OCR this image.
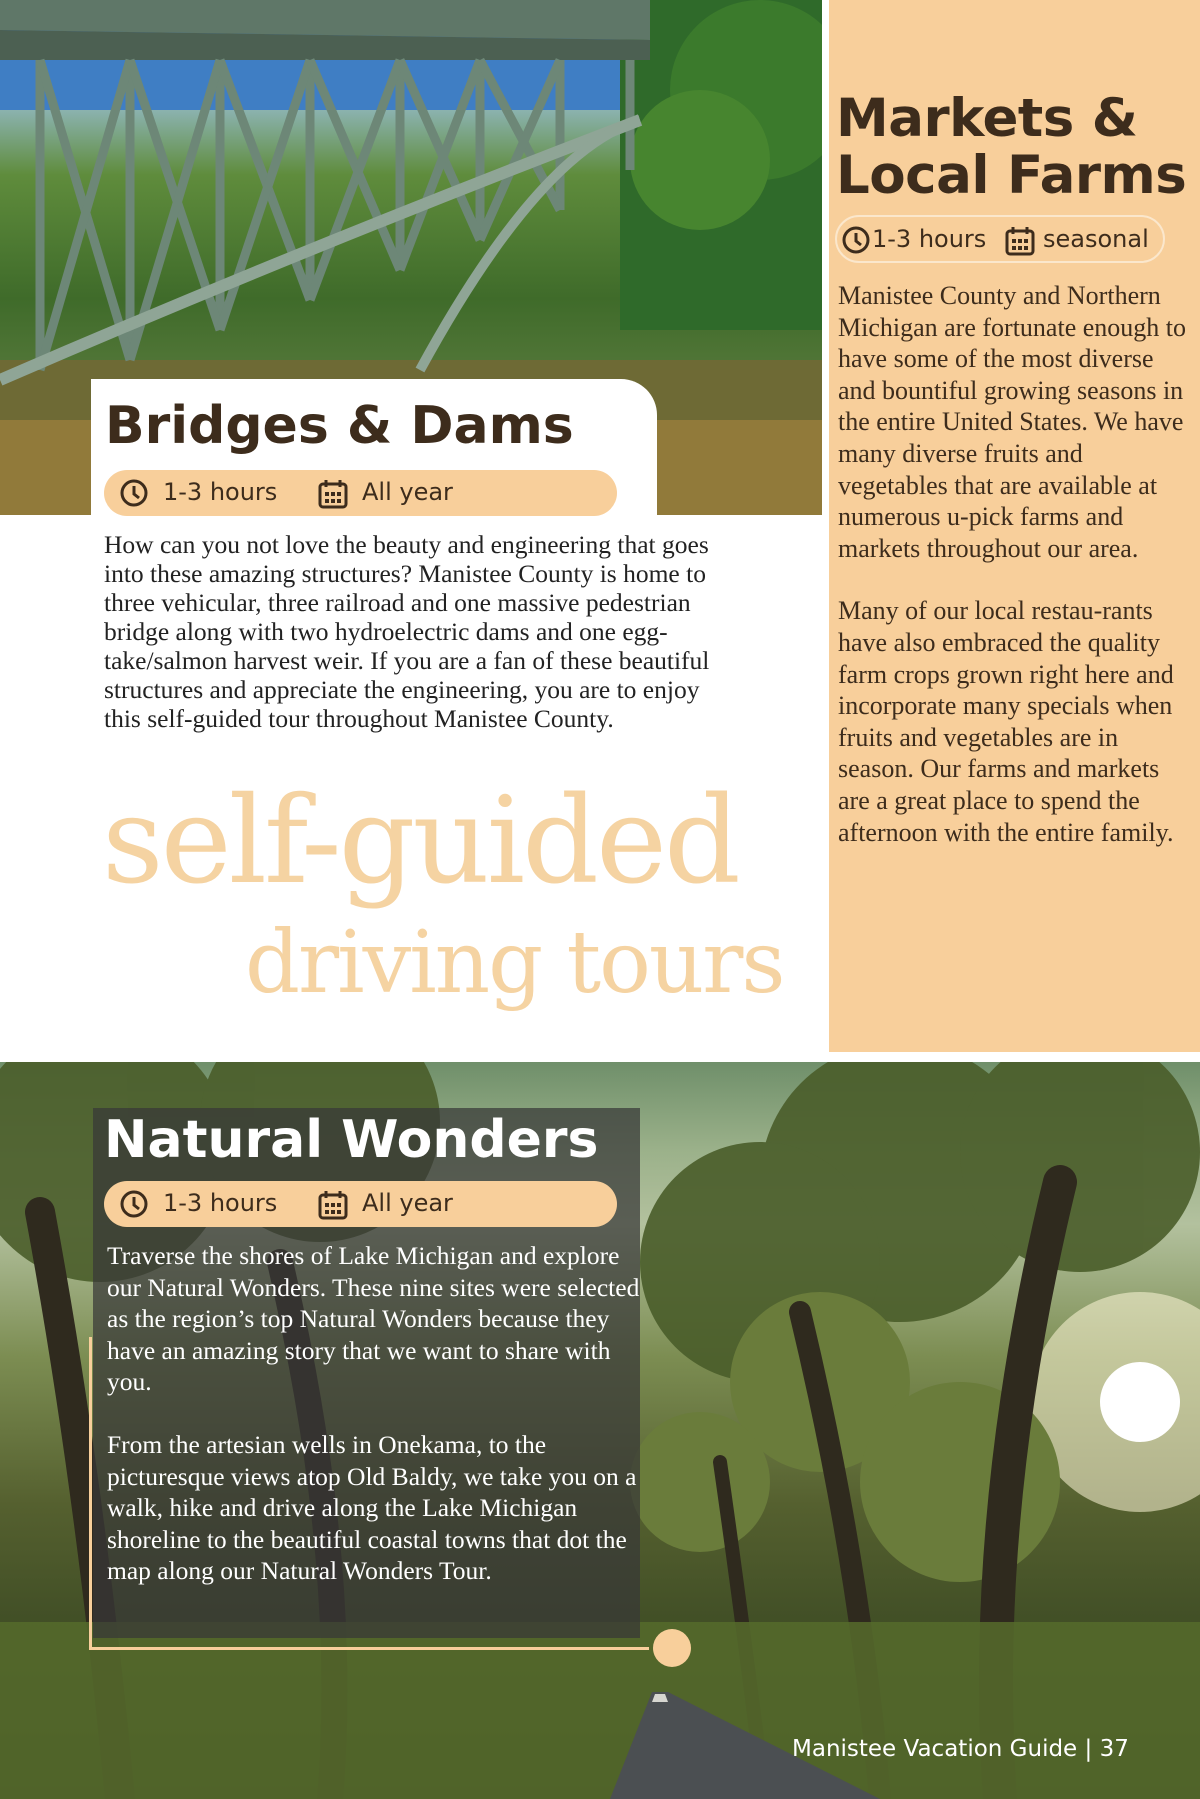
Markets &
Local Farms
1-3 hours seasonal

Manistee County and Northern Michigan are fortunate enough to have some of the most diverse and bountiful growing seasons in the entire United States. We have many diverse fruits and vegetables that are available at numerous u-pick farms and markets throughout our area.

Many of our local restau-rants have also embraced the quality farm crops grown right here and incorporate many specials when fruits and vegetables are in season. Our farms and markets are a great place to spend the afternoon with the entire family.

Bridges & Dams
1-3 hours	All year
How can you not love the beauty and engineering that goes into these amazing structures? Manistee County is home to three vehicular, three railroad and one massive pedestrian bridge along with two hydroelectric dams and one egg-take/salmon harvest weir. If you are a fan of these beautiful structures and appreciate the engineering, you are to enjoy this self-guided tour throughout Manistee County.
self-guided
driving tours
Natural Wonders
1-3 hours	All year

Traverse the shores of Lake Michigan and explore our Natural Wonders. These nine sites were selected as the region’s top Natural Wonders because they have an amazing story that we want to share with you.

From the artesian wells in Onekama, to the picturesque views atop Old Baldy, we take you on a walk, hike and drive along the Lake Michigan shoreline to the beautiful coastal towns that dot the map along our Natural Wonders Tour.

Manistee Vacation Guide | 37
